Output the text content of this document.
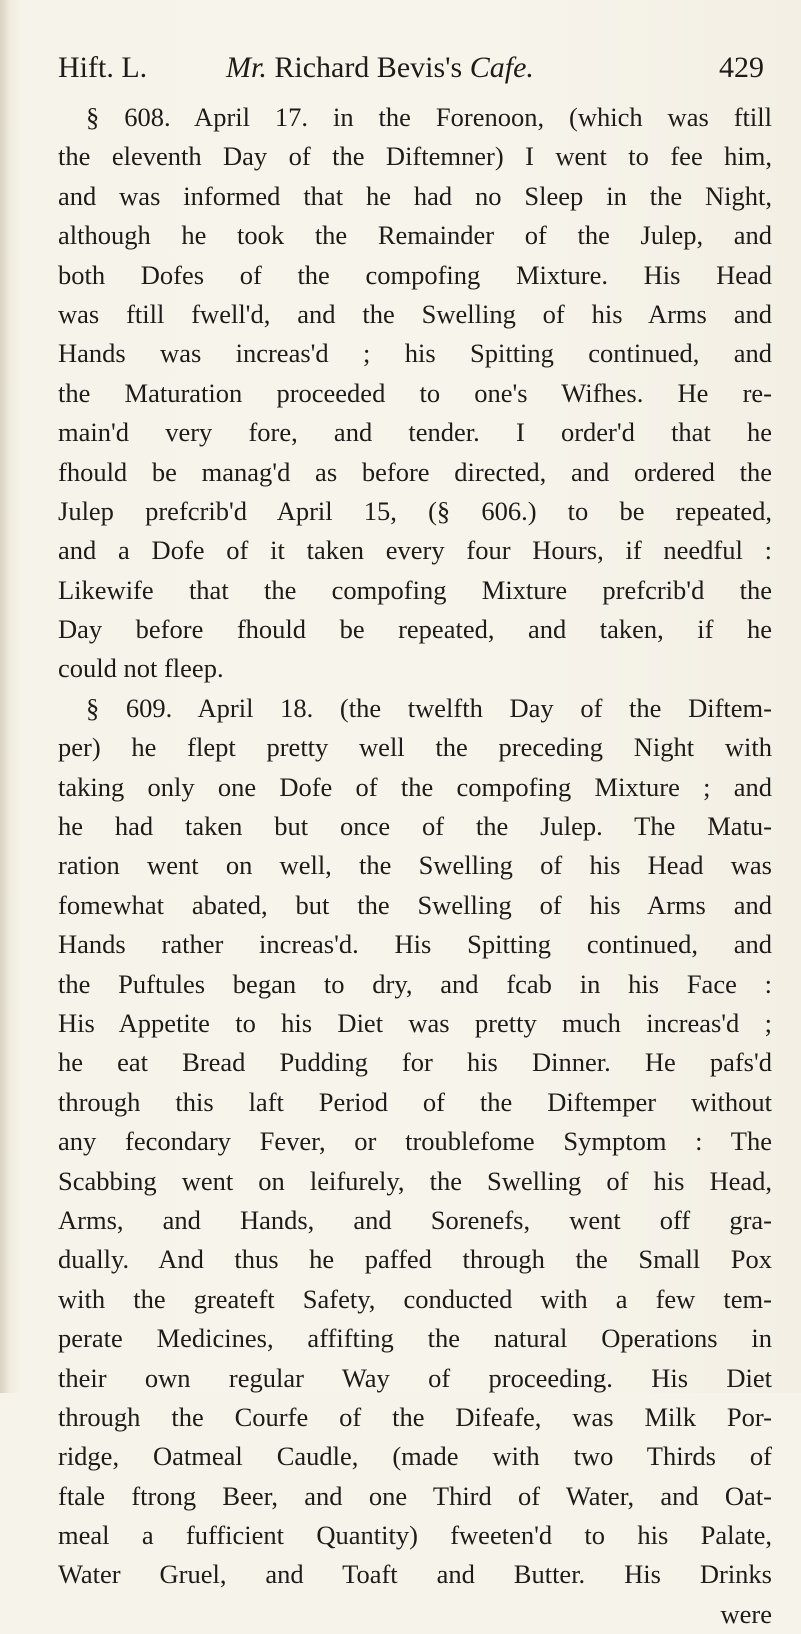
Hift. L.	Mr. Richard Bevis's Cafe.	429
§ 608. April 17. in the Forenoon, (which was ftill
the eleventh Day of the Diftemner) I went to fee him,
and was informed that he had no Sleep in the Night,
although he took the Remainder of the Julep, and
both Dofes of the compofing Mixture. His Head
was ftill fwell'd, and the Swelling of his Arms and
Hands was increas'd ; his Spitting continued, and
the Maturation proceeded to one's Wifhes. He re-
main'd very fore, and tender. I order'd that he
fhould be manag'd as before directed, and ordered the
Julep prefcrib'd April 15, (§ 606.) to be repeated,
and a Dofe of it taken every four Hours, if needful :
Likewife that the compofing Mixture prefcrib'd the
Day before fhould be repeated, and taken, if he
could not fleep.
§ 609. April 18. (the twelfth Day of the Diftem-
per) he flept pretty well the preceding Night with
taking only one Dofe of the compofing Mixture ; and
he had taken but once of the Julep. The Matu-
ration went on well, the Swelling of his Head was
fomewhat abated, but the Swelling of his Arms and
Hands rather increas'd. His Spitting continued, and
the Puftules began to dry, and fcab in his Face :
His Appetite to his Diet was pretty much increas'd ;
he eat Bread Pudding for his Dinner. He pafs'd
through this laft Period of the Diftemper without
any fecondary Fever, or troublefome Symptom : The
Scabbing went on leifurely, the Swelling of his Head,
Arms, and Hands, and Sorenefs, went off gra-
dually. And thus he paffed through the Small Pox
with the greateft Safety, conducted with a few tem-
perate Medicines, affifting the natural Operations in
their own regular Way of proceeding. His Diet
through the Courfe of the Difeafe, was Milk Por-
ridge, Oatmeal Caudle, (made with two Thirds of
ftale ftrong Beer, and one Third of Water, and Oat-
meal a fufficient Quantity) fweeten'd to his Palate,
Water Gruel, and Toaft and Butter. His Drinks
were
